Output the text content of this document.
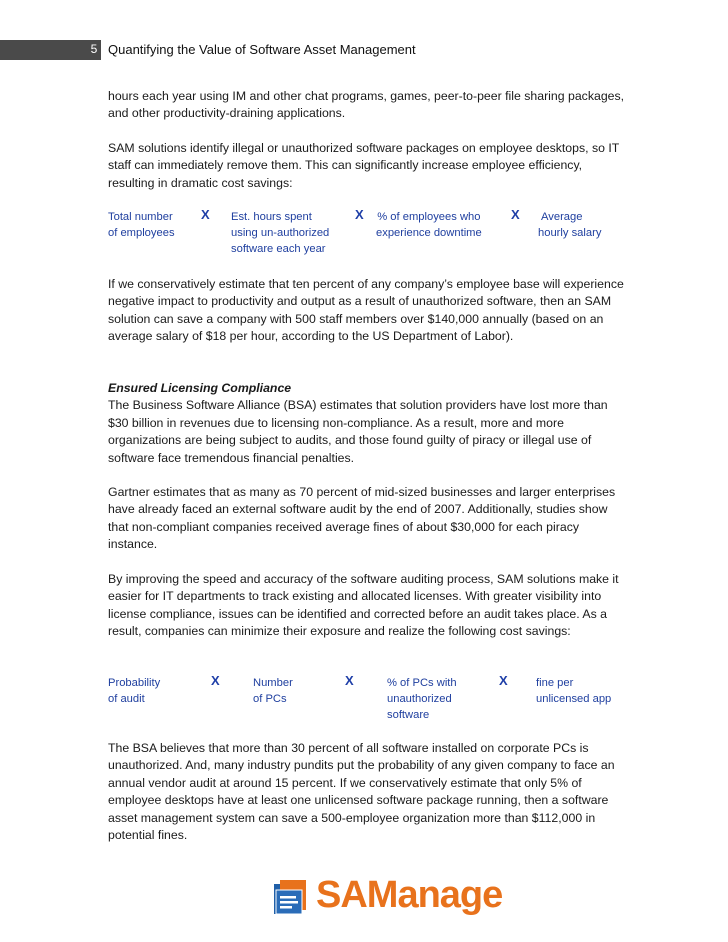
5 Quantifying the Value of Software Asset Management

hours each year using IM and other chat programs, games, peer-to-peer file sharing packages, and other productivity-draining applications.

SAM solutions identify illegal or unauthorized software packages on employee desktops, so IT staff can immediately remove them. This can significantly increase employee efficiency, resulting in dramatic cost savings:

Total number
of employees
X Est. hours spent
using un-authorized
software each year
X % of employees who
experience downtime
X Average
hourly salary

If we conservatively estimate that ten percent of any company’s employee base will experience negative impact to productivity and output as a result of unauthorized software, then an SAM solution can save a company with 500 staff members over $140,000 annually (based on an average salary of $18 per hour, according to the US Department of Labor).

Ensured Licensing Compliance
The Business Software Alliance (BSA) estimates that solution providers have lost more than $30 billion in revenues due to licensing non-compliance. As a result, more and more organizations are being subject to audits, and those found guilty of piracy or illegal use of software face tremendous financial penalties.

Gartner estimates that as many as 70 percent of mid-sized businesses and larger enterprises have already faced an external software audit by the end of 2007. Additionally, studies show that non-compliant companies received average fines of about $30,000 for each piracy instance.

By improving the speed and accuracy of the software auditing process, SAM solutions make it easier for IT departments to track existing and allocated licenses. With greater visibility into license compliance, issues can be identified and corrected before an audit takes place. As a result, companies can minimize their exposure and realize the following cost savings:

Probability
of audit
X	Number
of PCs
X	% of PCs with
unauthorized
software
X	fine per
unlicensed app

The BSA believes that more than 30 percent of all software installed on corporate PCs is unauthorized. And, many industry pundits put the probability of any given company to face an annual vendor audit at around 15 percent. If we conservatively estimate that only 5% of employee desktops have at least one unlicensed software package running, then a software asset management system can save a 500-employee organization more than $112,000 in potential fines.

SAManage
